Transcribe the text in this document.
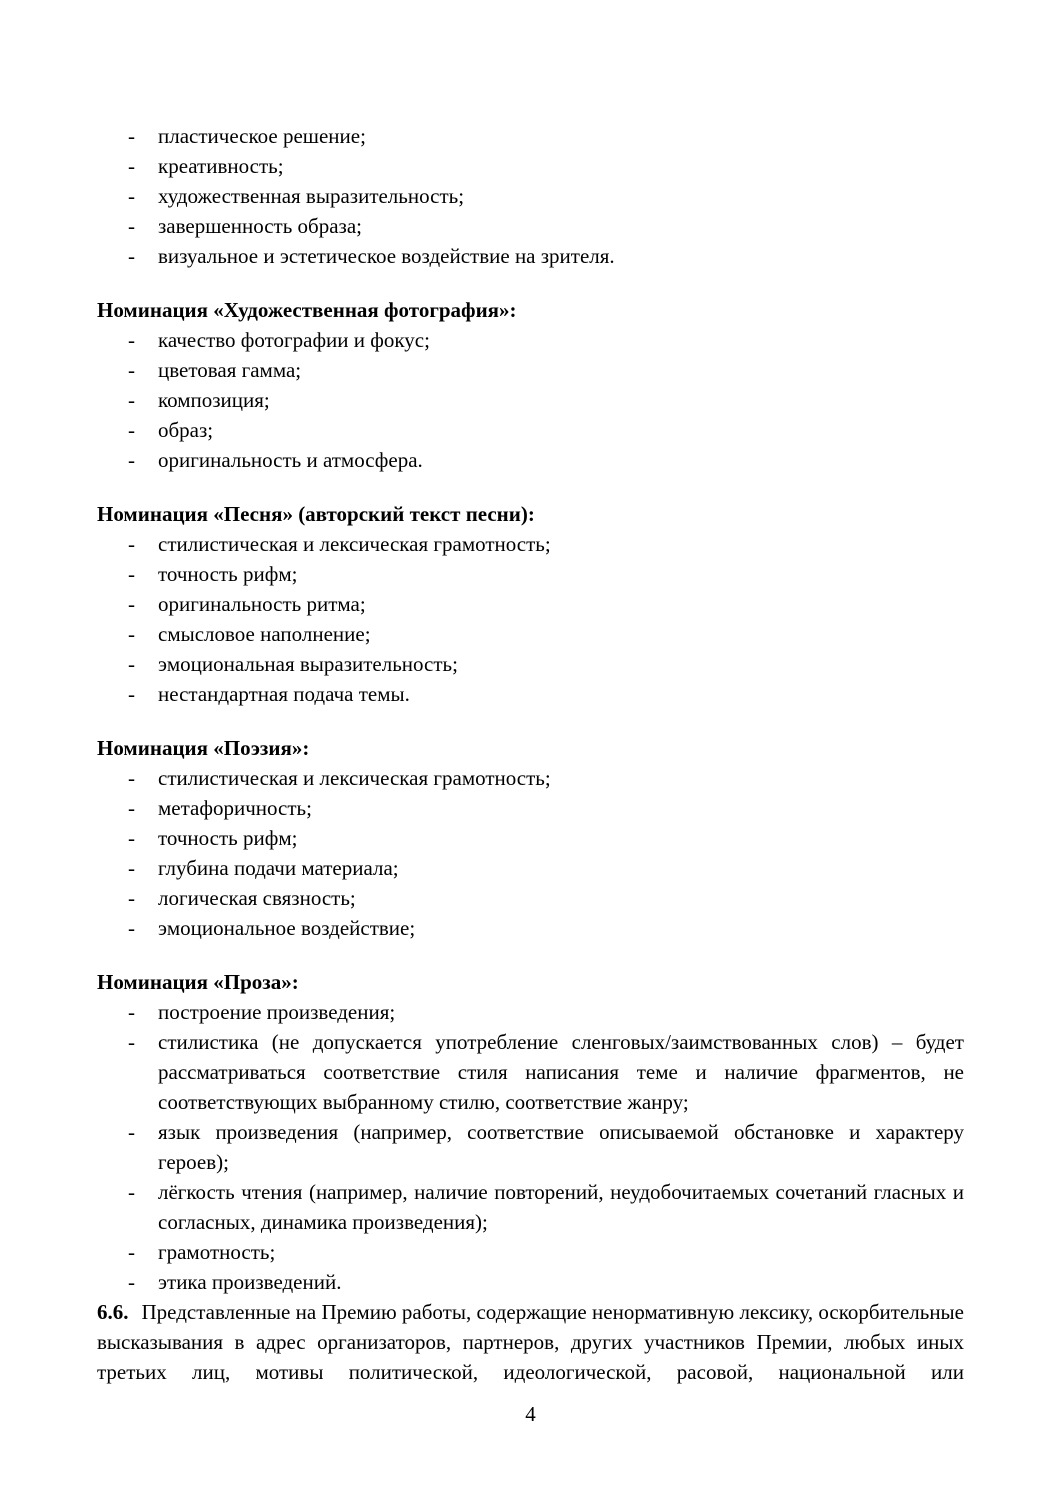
- пластическое решение;
- креативность;
- художественная выразительность;
- завершенность образа;
- визуальное и эстетическое воздействие на зрителя.

Номинация «Художественная фотография»:

- качество фотографии и фокус;
- цветовая гамма;
- композиция;
- образ;
- оригинальность и атмосфера.

Номинация «Песня» (авторский текст песни):

- стилистическая и лексическая грамотность;
- точность рифм;
- оригинальность ритма;
- смысловое наполнение;
- эмоциональная выразительность;
- нестандартная подача темы.

Номинация «Поэзия»:

- стилистическая и лексическая грамотность;
- метафоричность;
- точность рифм;
- глубина подачи материала;
- логическая связность;
- эмоциональное воздействие;

Номинация «Проза»:

- построение произведения;
- стилистика (не допускается употребление сленговых/заимствованных слов) – будет рассматриваться соответствие стиля написания теме и наличие фрагментов, не соответствующих выбранному стилю, соответствие жанру;
- язык произведения (например, соответствие описываемой обстановке и характеру героев);
- лёгкость чтения (например, наличие повторений, неудобочитаемых сочетаний гласных и согласных, динамика произведения);
- грамотность;
- этика произведений.

6.6. Представленные на Премию работы, содержащие ненормативную лексику, оскорбительные высказывания в адрес организаторов, партнеров, других участников Премии, любых иных третьих лиц, мотивы политической, идеологической, расовой, национальной или

4
